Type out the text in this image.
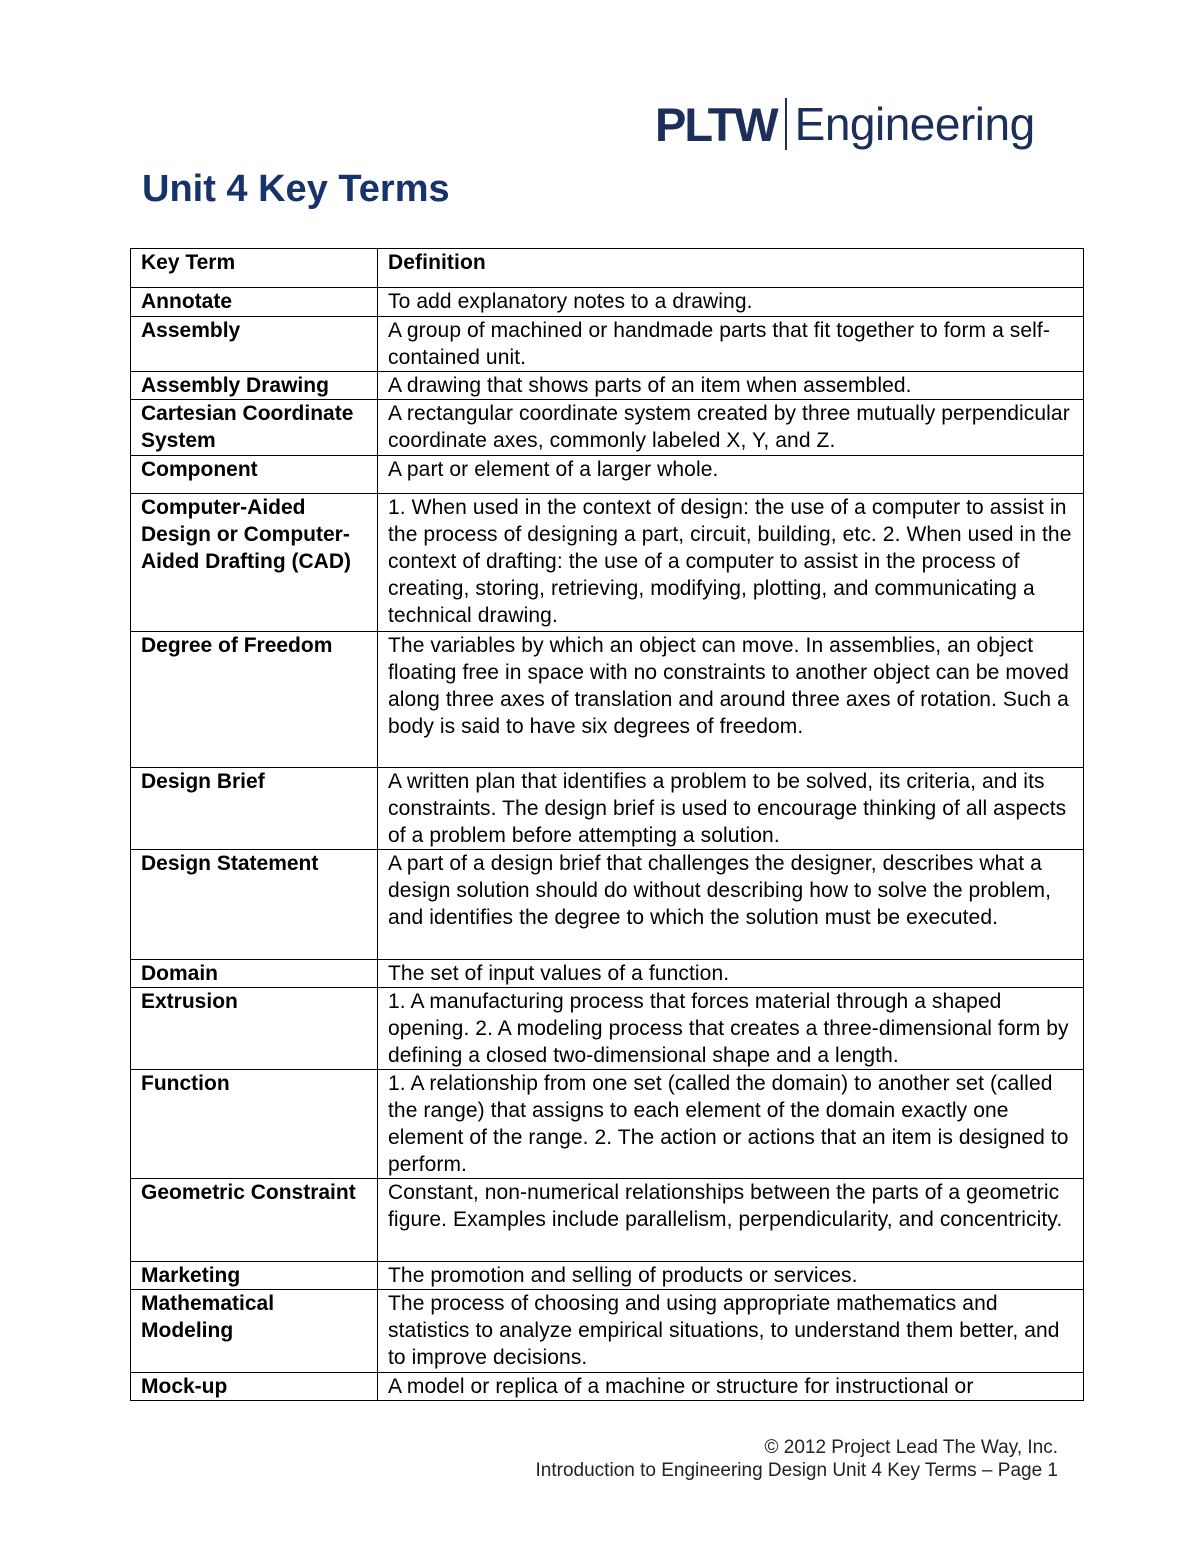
PLTW Engineering
Unit 4 Key Terms
Key Term	Definition
Annotate	To add explanatory notes to a drawing.
Assembly	A group of machined or handmade parts that fit together to form a self-contained unit.
Assembly Drawing	A drawing that shows parts of an item when assembled.
Cartesian Coordinate System	A rectangular coordinate system created by three mutually perpendicular coordinate axes, commonly labeled X, Y, and Z.
Component	A part or element of a larger whole.
Computer-Aided Design or Computer-Aided Drafting (CAD)	1. When used in the context of design: the use of a computer to assist in the process of designing a part, circuit, building, etc. 2. When used in the context of drafting: the use of a computer to assist in the process of creating, storing, retrieving, modifying, plotting, and communicating a technical drawing.
Degree of Freedom	The variables by which an object can move. In assemblies, an object floating free in space with no constraints to another object can be moved along three axes of translation and around three axes of rotation. Such a body is said to have six degrees of freedom.
Design Brief	A written plan that identifies a problem to be solved, its criteria, and its constraints. The design brief is used to encourage thinking of all aspects of a problem before attempting a solution.
Design Statement	A part of a design brief that challenges the designer, describes what a design solution should do without describing how to solve the problem, and identifies the degree to which the solution must be executed.
Domain	The set of input values of a function.
Extrusion	1. A manufacturing process that forces material through a shaped opening. 2. A modeling process that creates a three-dimensional form by defining a closed two-dimensional shape and a length.
Function	1. A relationship from one set (called the domain) to another set (called the range) that assigns to each element of the domain exactly one element of the range. 2. The action or actions that an item is designed to perform.
Geometric Constraint	Constant, non-numerical relationships between the parts of a geometric figure. Examples include parallelism, perpendicularity, and concentricity.
Marketing	The promotion and selling of products or services.
Mathematical Modeling	The process of choosing and using appropriate mathematics and statistics to analyze empirical situations, to understand them better, and to improve decisions.
Mock-up	A model or replica of a machine or structure for instructional or
© 2012 Project Lead The Way, Inc.
Introduction to Engineering Design Unit 4 Key Terms – Page 1
